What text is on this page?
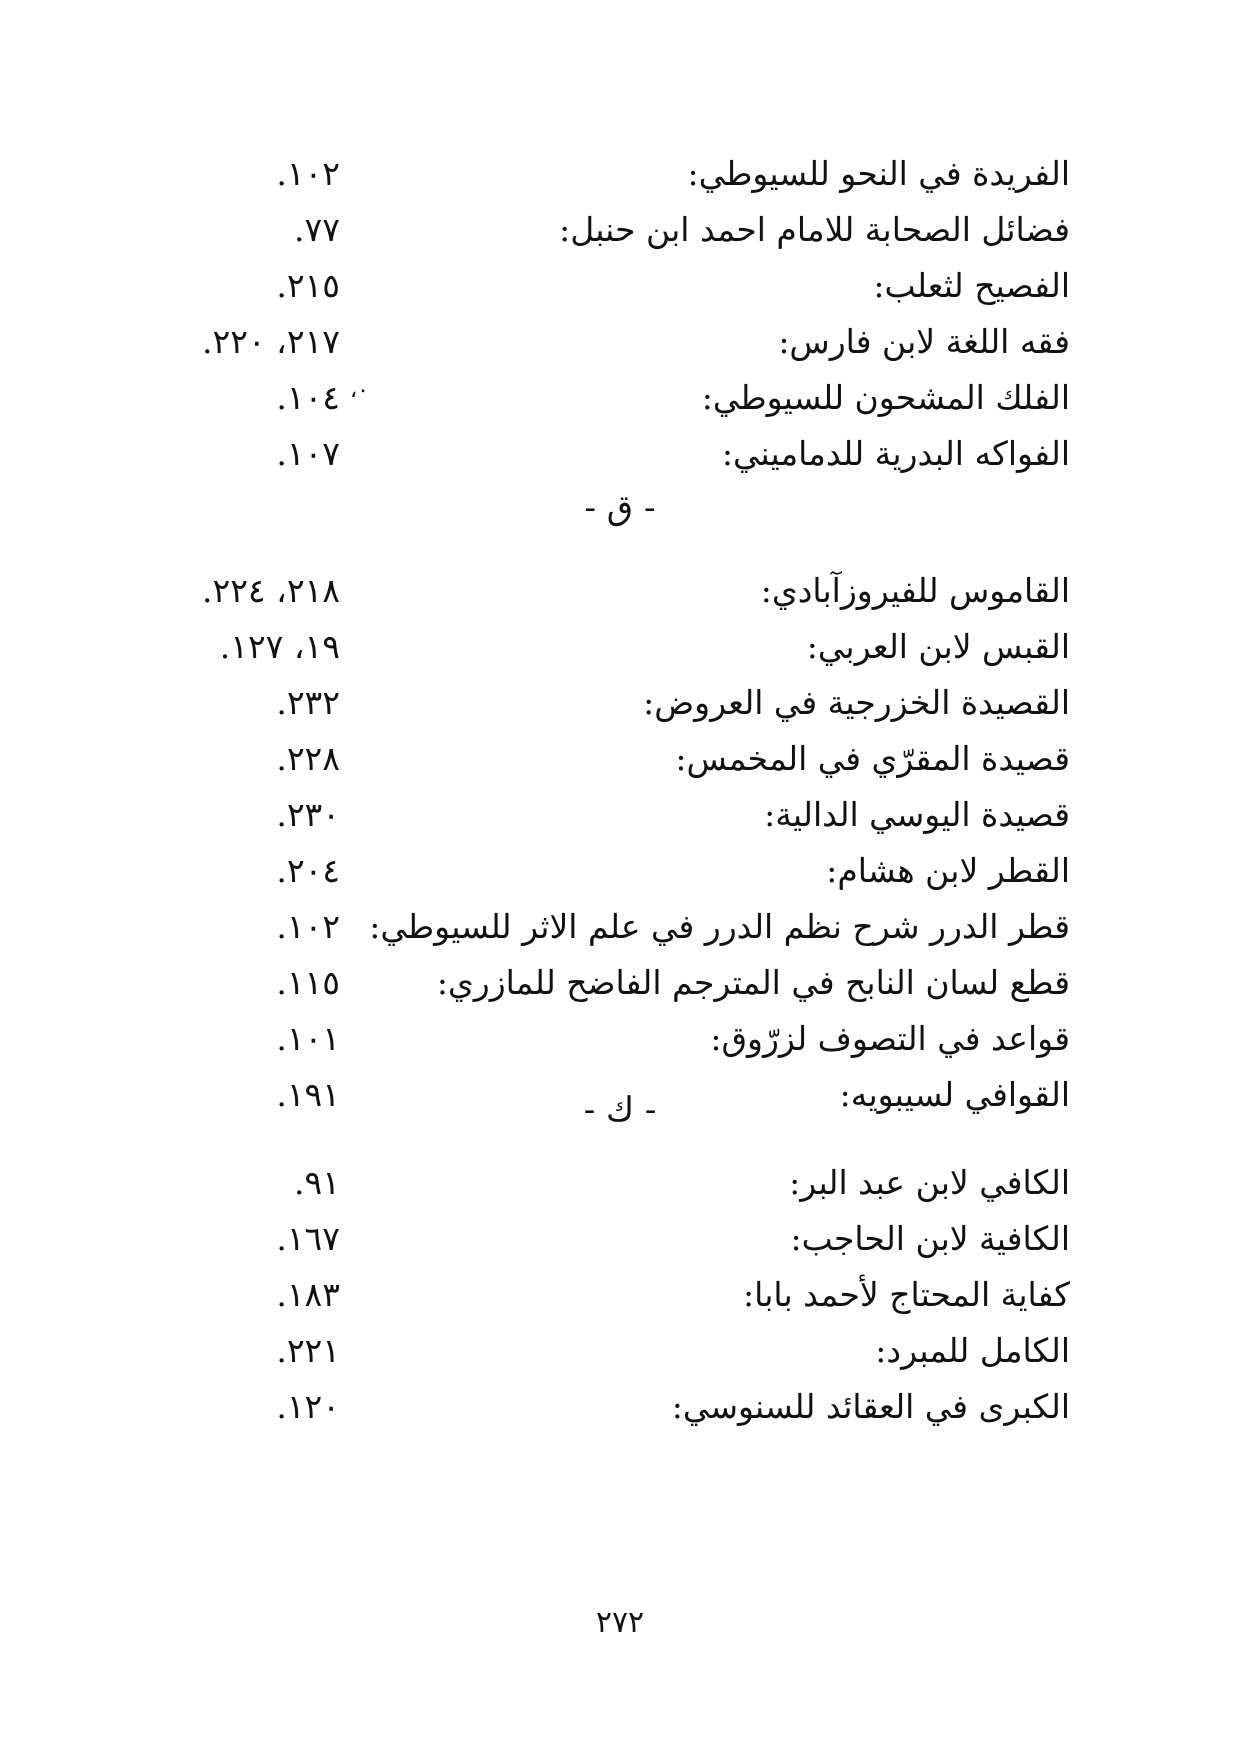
الفريدة في النحو للسيوطي:
١٠٢.
فضائل الصحابة للامام احمد ابن حنبل:
٧٧.
الفصيح لثعلب:
٢١٥.
فقه اللغة لابن فارس:
٢١٧، ٢٢٠.
الفلك المشحون للسيوطي:
١٠٤. ٠،
الفواكه البدرية للدماميني:
١٠٧.
- ق -
القاموس للفيروزآبادي:
٢١٨، ٢٢٤.
القبس لابن العربي:
١٩، ١٢٧.
القصيدة الخزرجية في العروض:
٢٣٢.
قصيدة المقرّي في المخمس:
٢٢٨.
قصيدة اليوسي الدالية:
٢٣٠.
القطر لابن هشام:
٢٠٤.
قطر الدرر شرح نظم الدرر في علم الاثر للسيوطي:
١٠٢.
قطع لسان النابح في المترجم الفاضح للمازري:
١١٥.
قواعد في التصوف لزرّوق:
١٠١.
القوافي لسيبويه:
١٩١.	- ك -
الكافي لابن عبد البر:
٩١.
الكافية لابن الحاجب:
١٦٧.
كفاية المحتاج لأحمد بابا:
١٨٣.
الكامل للمبرد:
٢٢١.
الكبرى في العقائد للسنوسي:
١٢٠.
٢٧٢
